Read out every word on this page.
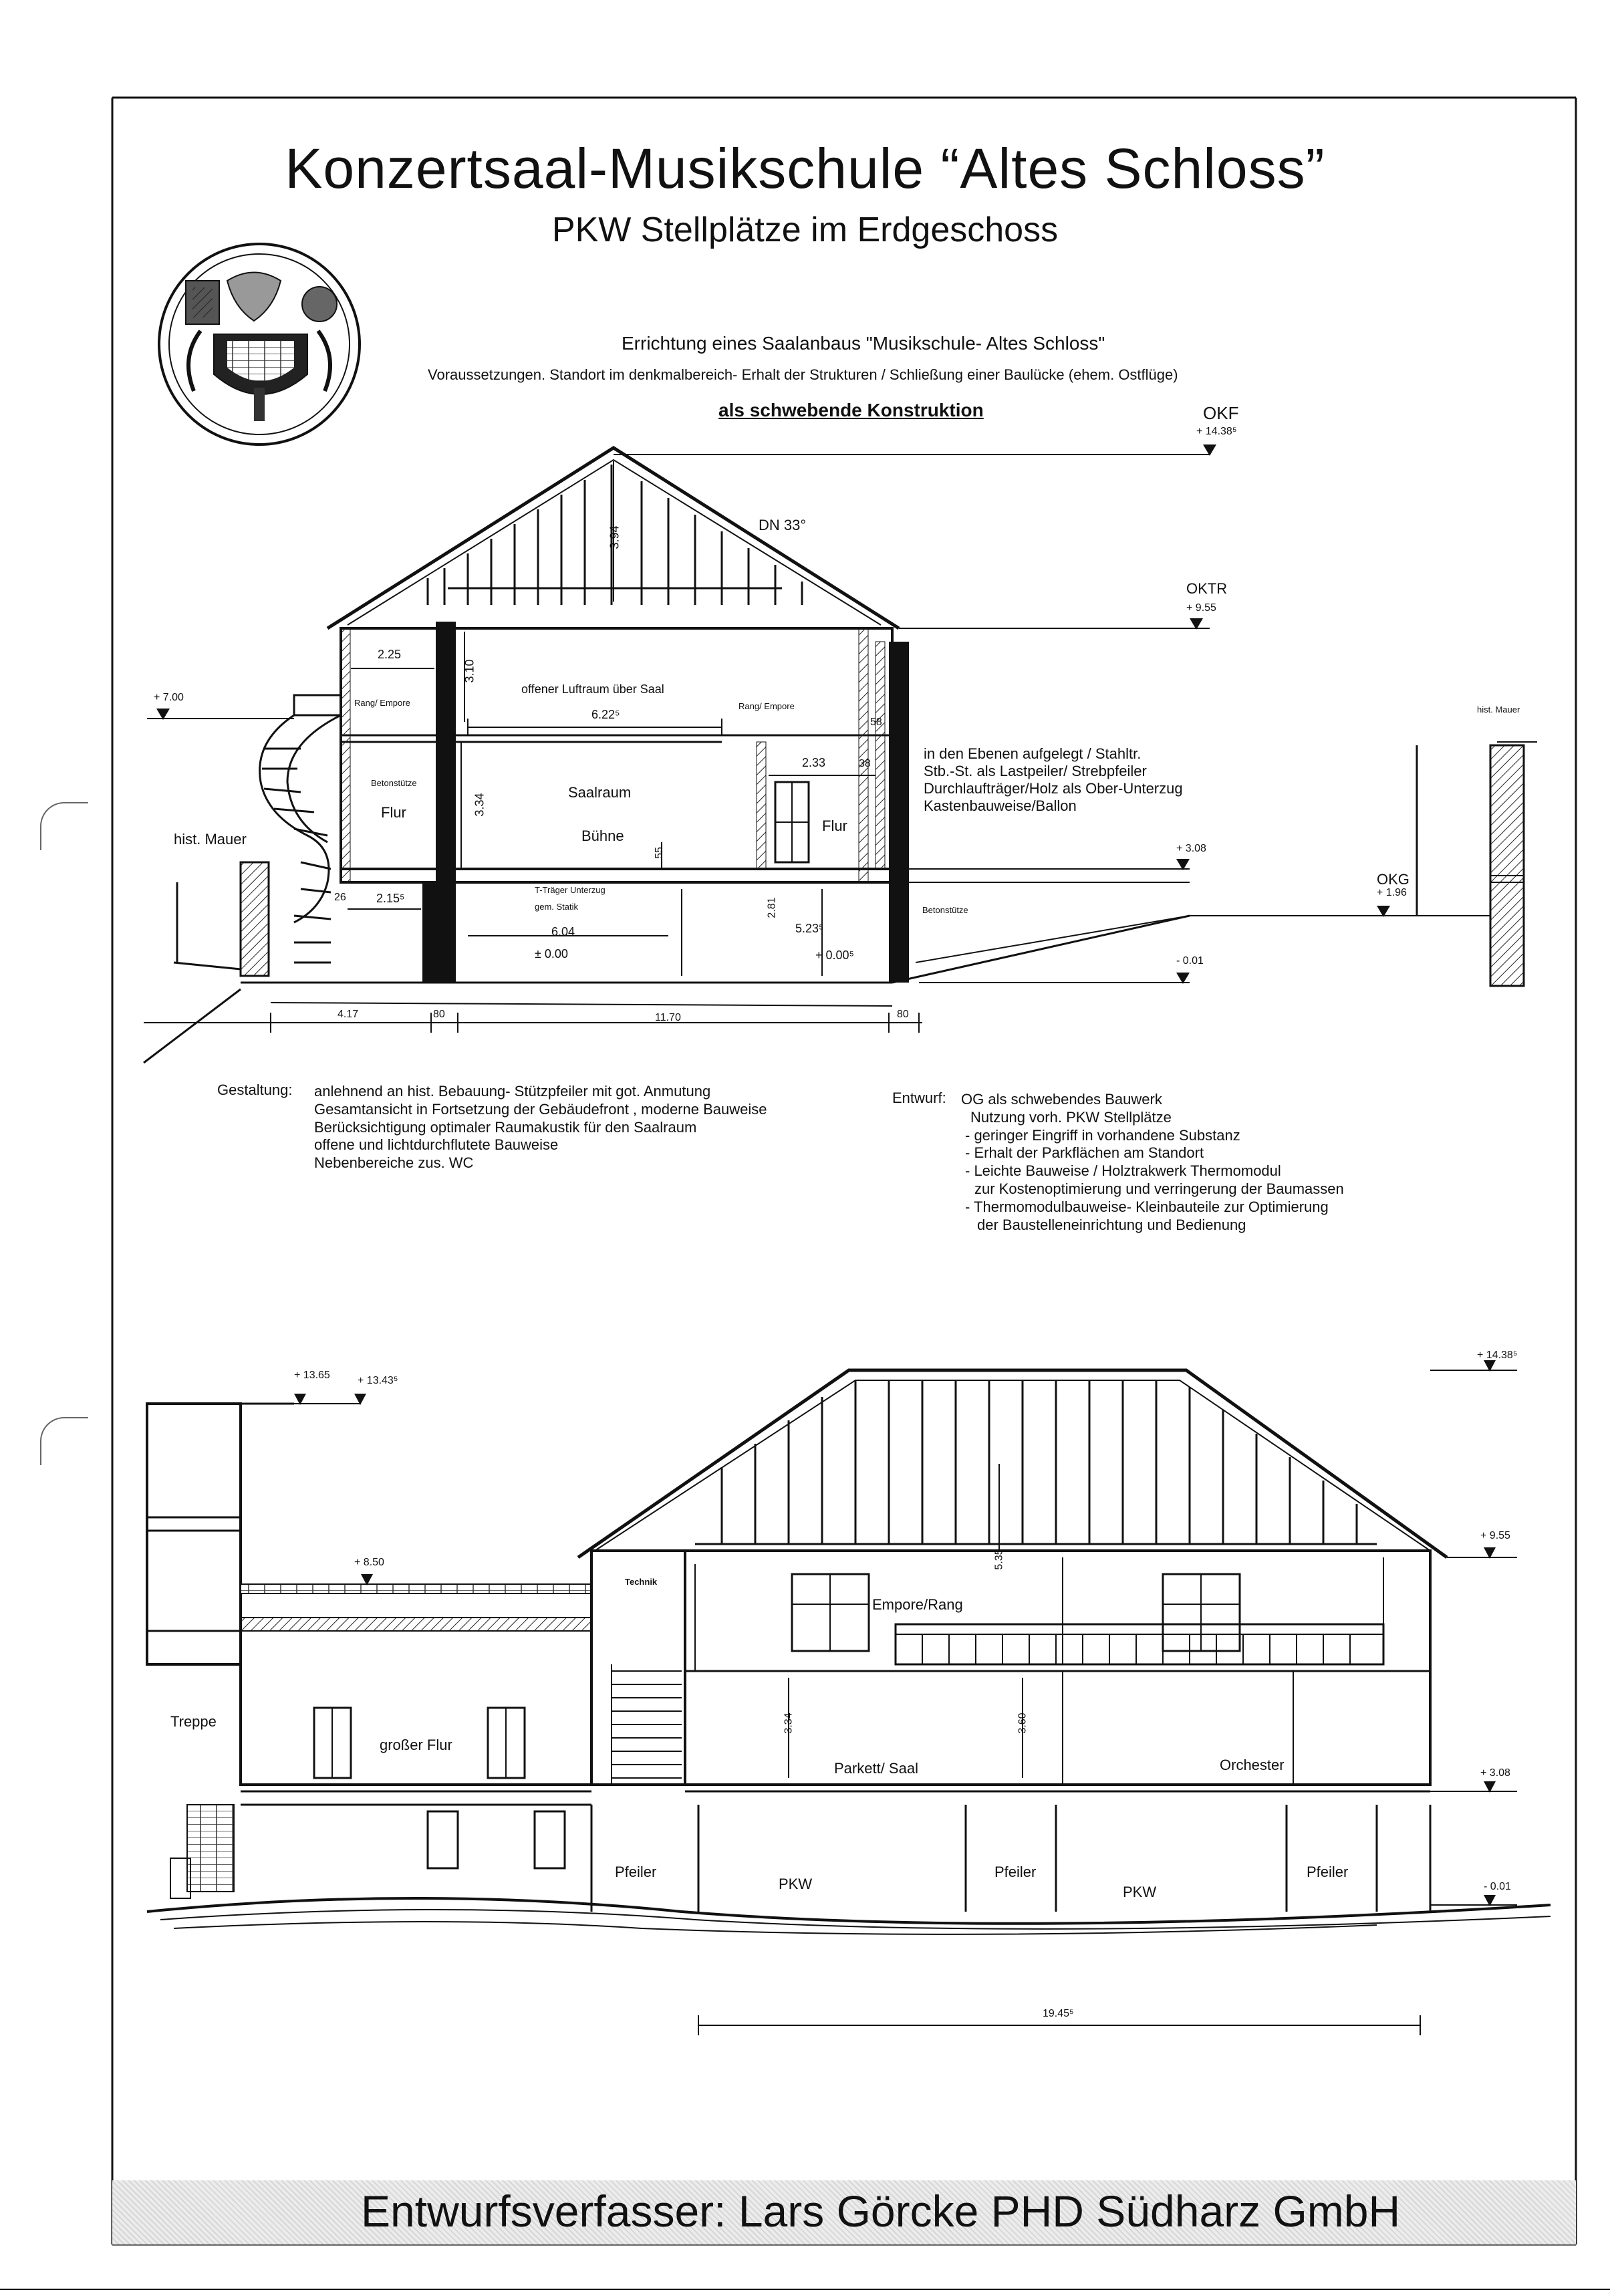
Konzertsaal-Musikschule “Altes Schloss”
PKW Stellplätze im Erdgeschoss
Errichtung eines Saalanbaus "Musikschule- Altes Schloss"
Voraussetzungen. Standort im denkmalbereich- Erhalt der Strukturen / Schließung einer Baulücke (ehem. Ostflüge)
als schwebende Konstruktion	OKF
+ 14.38⁵
OKTR
+ 9.55
+ 7.00
OKG
+ 1.96
+ 3.08
- 0.01
± 0.00	+ 0.00⁵
DN 33°
offener Luftraum über Saal
Rang/ Empore	Rang/ Empore
Saalraum
Bühne
Flur
Flur
Betonstütze
Betonstütze
hist. Mauer
hist. Mauer
T-Träger Unterzug
gem. Statik
3.94
2.25
3.10
6.22⁵
58
2.33	38
3.34
55
26	2.15⁵
6.04
2.81
5.23⁵
4.17	80	11.70	80
in den Ebenen aufgelegt / Stahltr.
Stb.-St. als Lastpeiler/ Strebpfeiler
Durchlaufträger/Holz als Ober-Unterzug
Kastenbauweise/Ballon
Gestaltung: anlehnend an hist. Bebauung- Stützpfeiler mit got. Anmutung
Gesamtansicht in Fortsetzung der Gebäudefront , moderne Bauweise
Berücksichtigung optimaler Raumakustik für den Saalraum
offene und lichtdurchflutete Bauweise
Nebenbereiche zus. WC
Entwurf: OG als schwebendes Bauwerk
Nutzung vorh. PKW Stellplätze
- geringer Eingriff in vorhandene Substanz
- Erhalt der Parkflächen am Standort
- Leichte Bauweise / Holztrakwerk Thermomodul
zur Kostenoptimierung und verringerung der Baumassen
- Thermomodulbauweise- Kleinbauteile zur Optimierung
der Baustelleneinrichtung und Bedienung
+ 13.65	+ 13.43⁵
+ 14.38⁵
+ 9.55
+ 8.50
+ 3.08
- 0.01
Technik
Empore/Rang
Treppe
großer Flur
Parkett/ Saal	Orchester
Pfeiler	Pfeiler	Pfeiler
PKW	PKW
5.35
3.34	3.60
19.45⁵
Entwurfsverfasser: Lars Görcke PHD Südharz GmbH
